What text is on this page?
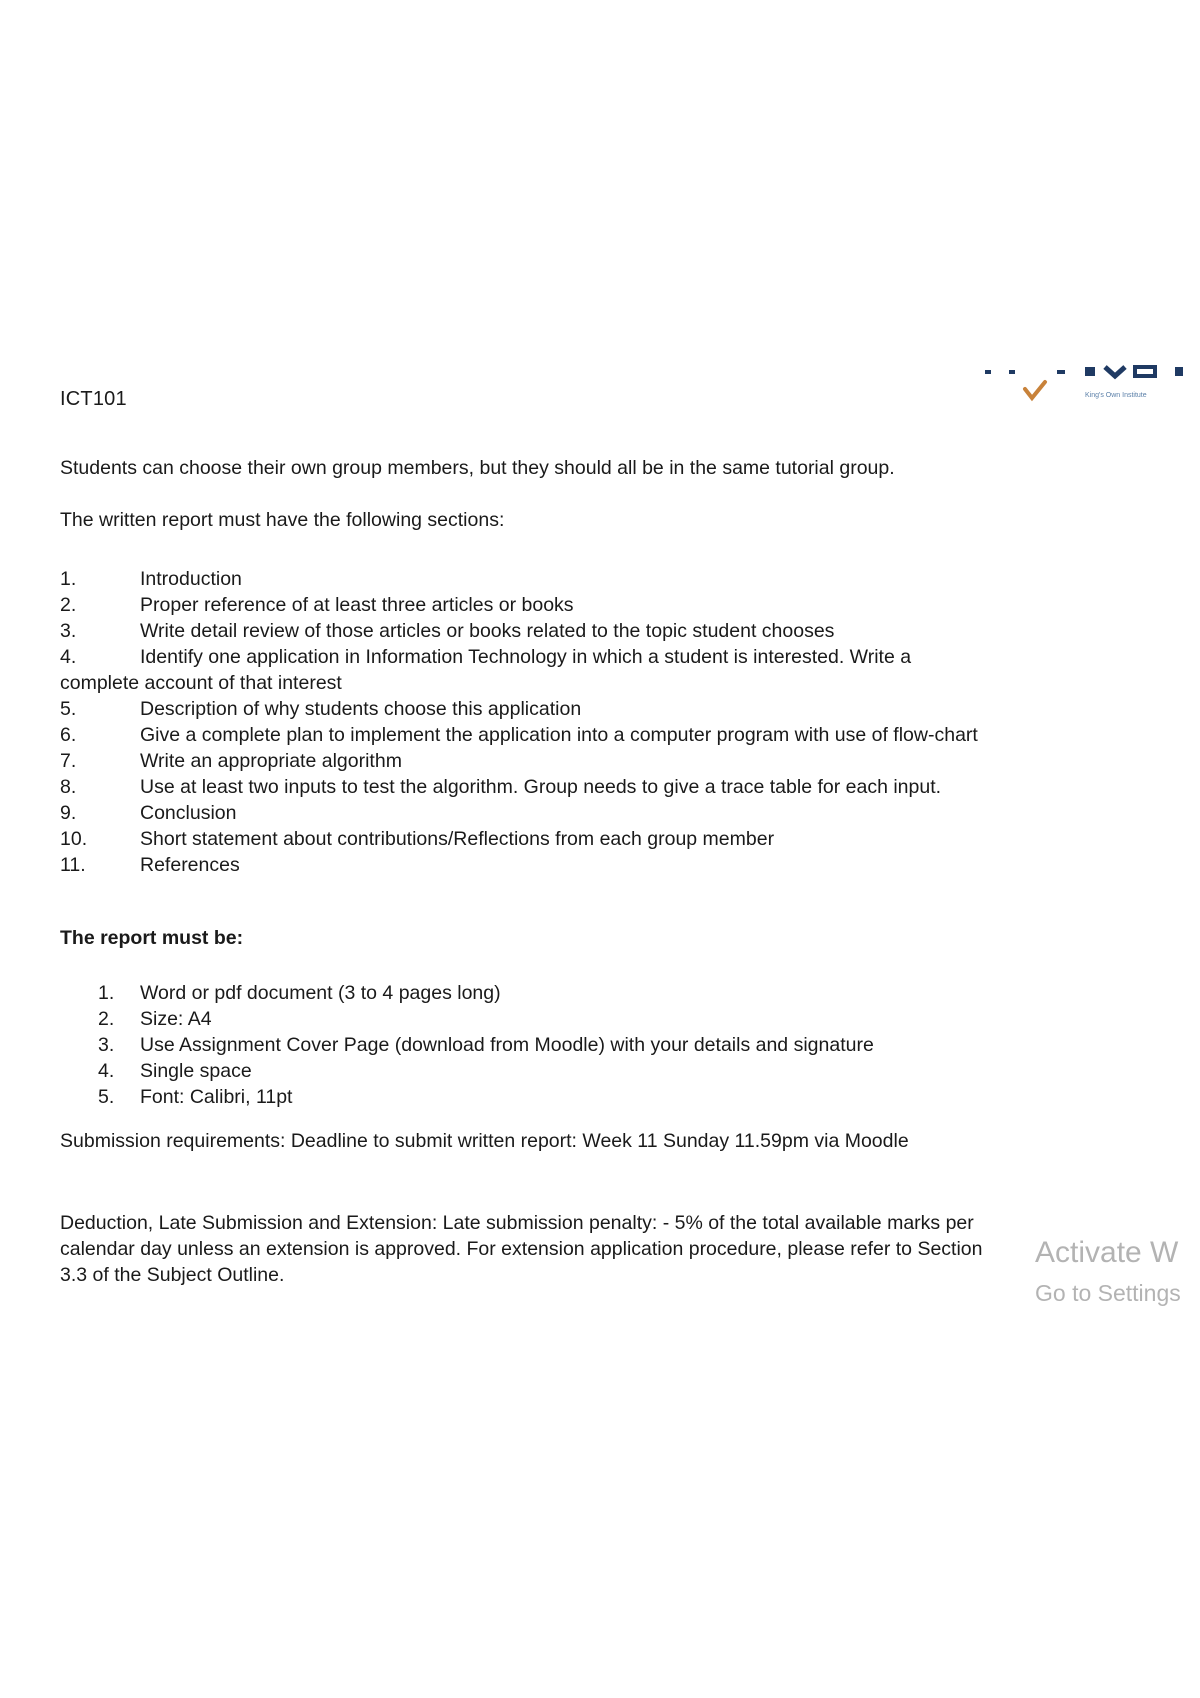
ICT101	King's Own Institute
Students can choose their own group members, but they should all be in the same tutorial group.
The written report must have the following sections:
1.	Introduction
2.	Proper reference of at least three articles or books
3.	Write detail review of those articles or books related to the topic student chooses
4.	Identify one application in Information Technology in which a student is interested. Write a
complete account of that interest
5.	Description of why students choose this application
6.	Give a complete plan to implement the application into a computer program with use of flow-chart
7.	Write an appropriate algorithm
8.	Use at least two inputs to test the algorithm. Group needs to give a trace table for each input.
9.	Conclusion
10.	Short statement about contributions/Reflections from each group member
11.	References
The report must be:
1. Word or pdf document (3 to 4 pages long)
2. Size: A4
3. Use Assignment Cover Page (download from Moodle) with your details and signature
4. Single space
5. Font: Calibri, 11pt
Submission requirements: Deadline to submit written report: Week 11 Sunday 11.59pm via Moodle
Deduction, Late Submission and Extension: Late submission penalty: - 5% of the total available marks per
calendar day unless an extension is approved. For extension application procedure, please refer to Section
3.3 of the Subject Outline.
Activate W
Go to Settings
